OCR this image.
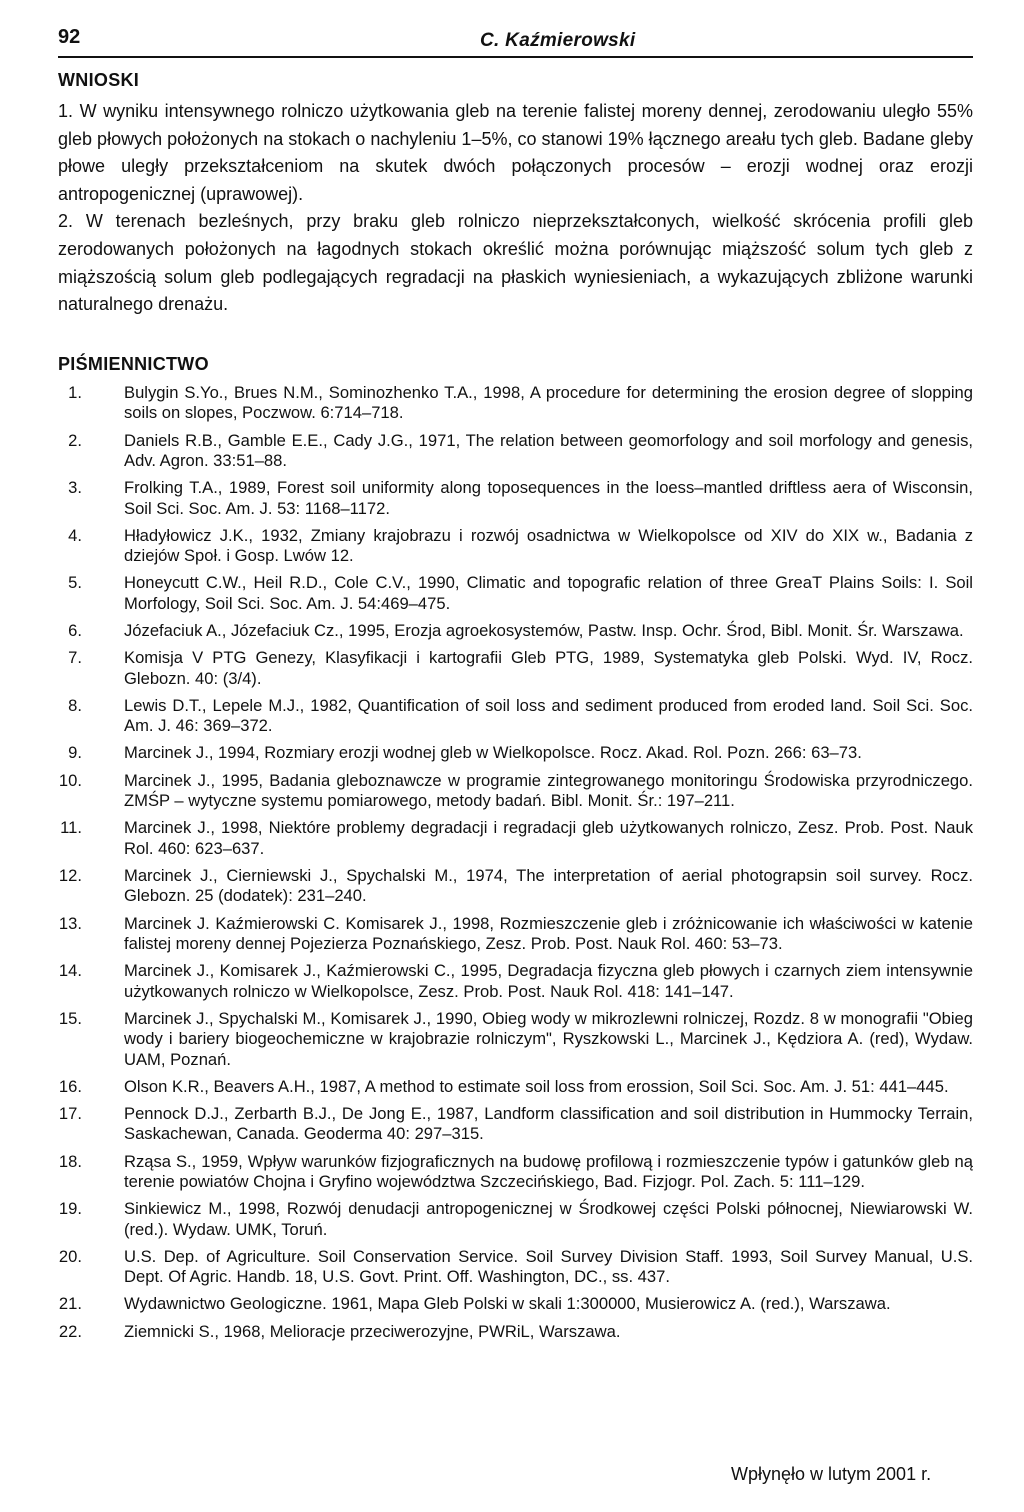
92	C. Kaźmierowski
WNIOSKI

1. W wyniku intensywnego rolniczo użytkowania gleb na terenie falistej moreny dennej, zerodowaniu uległo 55% gleb płowych położonych na stokach o nachyleniu 1–5%, co stanowi 19% łącznego areału tych gleb. Badane gleby płowe uległy przekształceniom na skutek dwóch połączonych procesów – erozji wodnej oraz erozji antropogenicznej (uprawowej).

2. W terenach bezleśnych, przy braku gleb rolniczo nieprzekształconych, wielkość skrócenia profili gleb zerodowanych położonych na łagodnych stokach określić można porównując miąższość solum tych gleb z miąższością solum gleb podlegających regradacji na płaskich wyniesieniach, a wykazujących zbliżone warunki naturalnego drenażu.

PIŚMIENNICTWO
1.	Bulygin S.Yo., Brues N.M., Sominozhenko T.A., 1998, A procedure for determining the erosion degree of slopping soils on slopes, Poczwow. 6:714–718.
2.	Daniels R.B., Gamble E.E., Cady J.G., 1971, The relation between geomorfology and soil morfology and genesis, Adv. Agron. 33:51–88.
3.	Frolking T.A., 1989, Forest soil uniformity along toposequences in the loess–mantled driftless aera of Wisconsin, Soil Sci. Soc. Am. J. 53: 1168–1172.
4.	Hładyłowicz J.K., 1932, Zmiany krajobrazu i rozwój osadnictwa w Wielkopolsce od XIV do XIX w., Badania z dziejów Społ. i Gosp. Lwów 12.
5.	Honeycutt C.W., Heil R.D., Cole C.V., 1990, Climatic and topografic relation of three GreaT Plains Soils: I. Soil Morfology, Soil Sci. Soc. Am. J. 54:469–475.
6.	Józefaciuk A., Józefaciuk Cz., 1995, Erozja agroekosystemów, Pastw. Insp. Ochr. Środ, Bibl. Monit. Śr. Warszawa.
7.	Komisja V PTG Genezy, Klasyfikacji i kartografii Gleb PTG, 1989, Systematyka gleb Polski. Wyd. IV, Rocz. Glebozn. 40: (3/4).
8.	Lewis D.T., Lepele M.J., 1982, Quantification of soil loss and sediment produced from eroded land. Soil Sci. Soc. Am. J. 46: 369–372.
9.	Marcinek J., 1994, Rozmiary erozji wodnej gleb w Wielkopolsce. Rocz. Akad. Rol. Pozn. 266: 63–73.
10.	Marcinek J., 1995, Badania gleboznawcze w programie zintegrowanego monitoringu Środowiska przyrodniczego. ZMŚP – wytyczne systemu pomiarowego, metody badań. Bibl. Monit. Śr.: 197–211.
11.	Marcinek J., 1998, Niektóre problemy degradacji i regradacji gleb użytkowanych rolniczo, Zesz. Prob. Post. Nauk Rol. 460: 623–637.
12.	Marcinek J., Cierniewski J., Spychalski M., 1974, The interpretation of aerial photograpsin soil survey. Rocz. Glebozn. 25 (dodatek): 231–240.
13.	Marcinek J. Kaźmierowski C. Komisarek J., 1998, Rozmieszczenie gleb i zróżnicowanie ich właściwości w katenie falistej moreny dennej Pojezierza Poznańskiego, Zesz. Prob. Post. Nauk Rol. 460: 53–73.
14.	Marcinek J., Komisarek J., Kaźmierowski C., 1995, Degradacja fizyczna gleb płowych i czarnych ziem intensywnie użytkowanych rolniczo w Wielkopolsce, Zesz. Prob. Post. Nauk Rol. 418: 141–147.
15.	Marcinek J., Spychalski M., Komisarek J., 1990, Obieg wody w mikrozlewni rolniczej, Rozdz. 8 w monografii "Obieg wody i bariery biogeochemiczne w krajobrazie rolniczym", Ryszkowski L., Marcinek J., Kędziora A. (red), Wydaw. UAM, Poznań.
16.	Olson K.R., Beavers A.H., 1987, A method to estimate soil loss from erossion, Soil Sci. Soc. Am. J. 51: 441–445.
17.	Pennock D.J., Zerbarth B.J., De Jong E., 1987, Landform classification and soil distribution in Hummocky Terrain, Saskachewan, Canada. Geoderma 40: 297–315.
18.	Rząsa S., 1959, Wpływ warunków fizjograficznych na budowę profilową i rozmieszczenie typów i gatunków gleb ną terenie powiatów Chojna i Gryfino województwa Szczecińskiego, Bad. Fizjogr. Pol. Zach. 5: 111–129.
19.	Sinkiewicz M., 1998, Rozwój denudacji antropogenicznej w Środkowej części Polski północnej, Niewiarowski W. (red.). Wydaw. UMK, Toruń.
20.	U.S. Dep. of Agriculture. Soil Conservation Service. Soil Survey Division Staff. 1993, Soil Survey Manual, U.S. Dept. Of Agric. Handb. 18, U.S. Govt. Print. Off. Washington, DC., ss. 437.
21.	Wydawnictwo Geologiczne. 1961, Mapa Gleb Polski w skali 1:300000, Musierowicz A. (red.), Warszawa.
22.	Ziemnicki S., 1968, Melioracje przeciwerozyjne, PWRiL, Warszawa.
Wpłynęło w lutym 2001 r.
